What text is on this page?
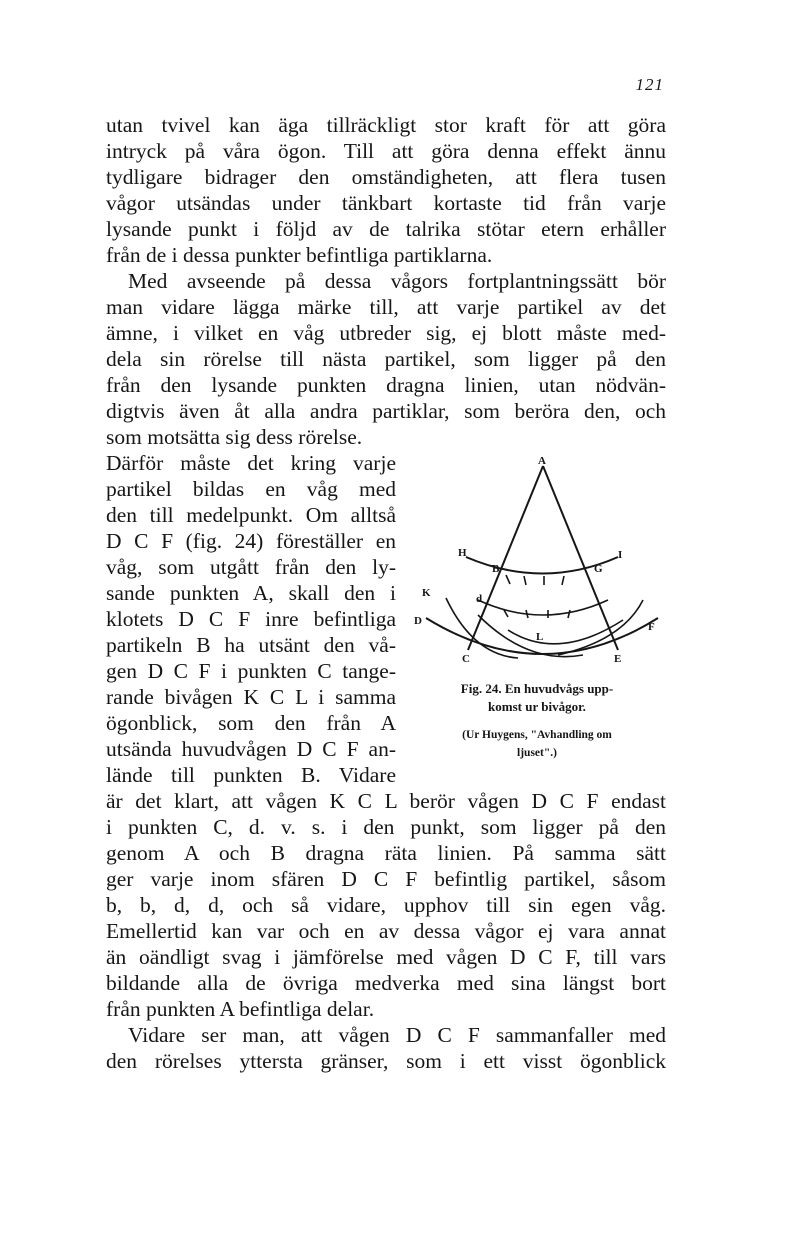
121
utan tvivel kan äga tillräckligt stor kraft för att göra
intryck på våra ögon. Till att göra denna effekt ännu
tydligare bidrager den omständigheten, att flera tusen
vågor utsändas under tänkbart kortaste tid från varje
lysande punkt i följd av de talrika stötar etern erhåller
från de i dessa punkter befintliga partiklarna.
Med avseende på dessa vågors fortplantningssätt bör
man vidare lägga märke till, att varje partikel av det
ämne, i vilket en våg utbreder sig, ej blott måste med-
dela sin rörelse till nästa partikel, som ligger på den
från den lysande punkten dragna linien, utan nödvän-
digtvis även åt alla andra partiklar, som beröra den, och
som motsätta sig dess rörelse.
Därför måste det kring varje
partikel bildas en våg med
den till medelpunkt. Om alltså
D C F (fig. 24) föreställer en
våg, som utgått från den ly-
sande punkten A, skall den i
klotets D C F inre befintliga
partikeln B ha utsänt den vå-
gen D C F i punkten C tange-
rande bivågen K C L i samma
ögonblick, som den från A
utsända huvudvågen D C F an-
lände till punkten B. Vidare
A
H
B	G
I
K	d
D
L
C	E
F
Fig. 24. En huvudvågs upp-
komst ur bivågor.
(Ur Huygens, "Avhandling om
ljuset".)
är det klart, att vågen K C L berör vågen D C F endast
i punkten C, d. v. s. i den punkt, som ligger på den
genom A och B dragna räta linien. På samma sätt
ger varje inom sfären D C F befintlig partikel, såsom
b, b, d, d, och så vidare, upphov till sin egen våg.
Emellertid kan var och en av dessa vågor ej vara annat
än oändligt svag i jämförelse med vågen D C F, till vars
bildande alla de övriga medverka med sina längst bort
från punkten A befintliga delar.
Vidare ser man, att vågen D C F sammanfaller med
den rörelses yttersta gränser, som i ett visst ögonblick
